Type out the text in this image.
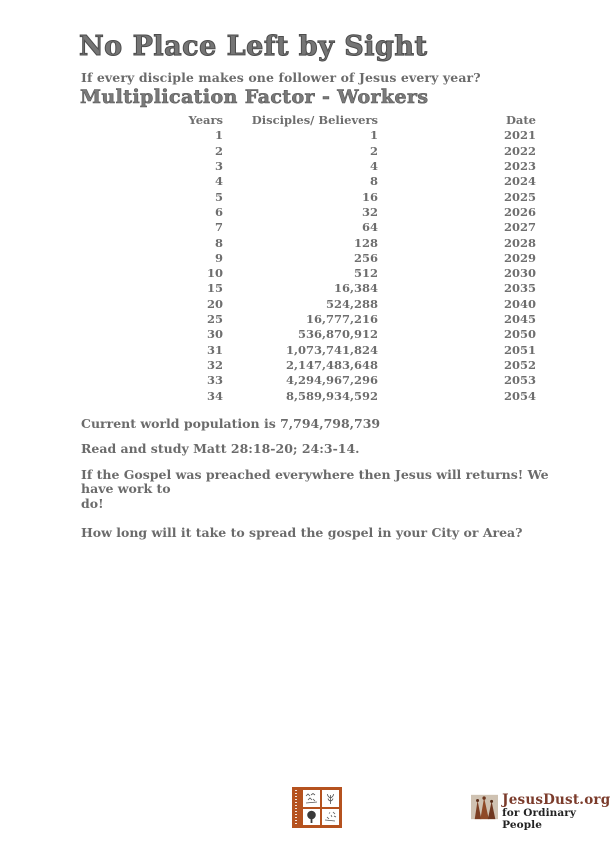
No Place Left by Sight
If every disciple makes one follower of Jesus every year?
Multiplication Factor - Workers
Years	Disciples/ Believers	Date
1	1	2021
2	2	2022
3	4	2023
4	8	2024
5	16	2025
6	32	2026
7	64	2027
8	128	2028
9	256	2029
10	512	2030
15	16,384	2035
20	524,288	2040
25	16,777,216	2045
30	536,870,912	2050
31	1,073,741,824	2051
32	2,147,483,648	2052
33	4,294,967,296	2053
34	8,589,934,592	2054

Current world population is 7,794,798,739

Read and study Matt 28:18-20; 24:3-14.

If the Gospel was preached everywhere then Jesus will returns! We have work to
do!

How long will it take to spread the gospel in your City or Area?

JesusDust.org
for Ordinary People
